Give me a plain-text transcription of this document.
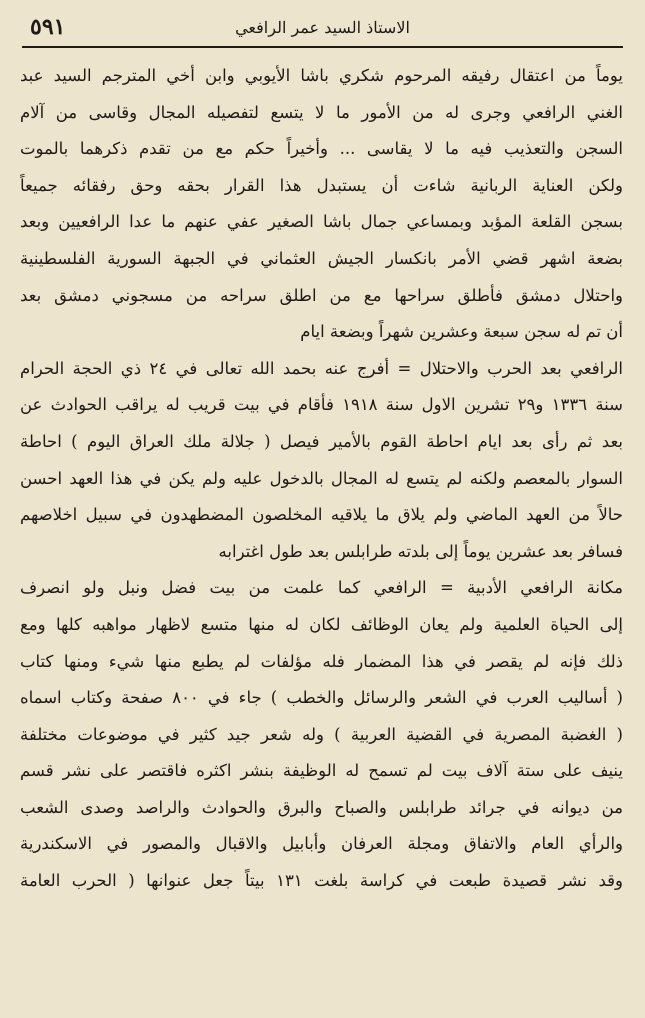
الاستاذ السيد عمر الرافعي
٥٩١
يوماً من اعتقال رفيقه المرحوم شكري باشا الأيوبي وابن أخي المترجم السيد عبد
الغني الرافعي وجرى له من الأمور ما لا يتسع لتفصيله المجال وقاسى من آلام
السجن والتعذيب فيه ما لا يقاسى ... وأخيراً حكم مع من تقدم ذكرهما بالموت
ولكن العناية الربانية شاءت أن يستبدل هذا القرار بحقه وحق رفقائه جميعاً
بسجن القلعة المؤبد وبمساعي جمال باشا الصغير عفي عنهم ما عدا الرافعيين وبعد
بضعة اشهر قضي الأمر بانكسار الجيش العثماني في الجبهة السورية الفلسطينية
واحتلال دمشق فأطلق سراحها مع من اطلق سراحه من مسجوني دمشق بعد
أن تم له سجن سبعة وعشرين شهراً وبضعة ايام
الرافعي بعد الحرب والاحتلال = أفرج عنه بحمد الله تعالى في ٢٤ ذي الحجة الحرام
سنة ١٣٣٦ و٢٩ تشرين الاول سنة ١٩١٨ فأقام في بيت قريب له يراقب الحوادث عن
بعد ثم رأى بعد ايام احاطة القوم بالأمير فيصل ( جلالة ملك العراق اليوم ) احاطة
السوار بالمعصم ولكنه لم يتسع له المجال بالدخول عليه ولم يكن في هذا العهد احسن
حالاً من العهد الماضي ولم يلاق ما يلاقيه المخلصون المضطهدون في سبيل اخلاصهم
فسافر بعد عشرين يوماً إلى بلدته طرابلس بعد طول اغترابه
مكانة الرافعي الأدبية = الرافعي كما علمت من بيت فضل ونبل ولو انصرف
إلى الحياة العلمية ولم يعان الوظائف لكان له منها متسع لاظهار مواهبه كلها ومع
ذلك فإنه لم يقصر في هذا المضمار فله مؤلفات لم يطبع منها شيء ومنها كتاب
( أساليب العرب في الشعر والرسائل والخطب ) جاء في ٨٠٠ صفحة وكتاب اسماه
( الغضبة المصرية في القضية العربية ) وله شعر جيد كثير في موضوعات مختلفة
ينيف على ستة آلاف بيت لم تسمح له الوظيفة بنشر اكثره فاقتصر على نشر قسم
من ديوانه في جرائد طرابلس والصباح والبرق والحوادث والراصد وصدى الشعب
والرأي العام والاتفاق ومجلة العرفان وأبابيل والاقبال والمصور في الاسكندرية
وقد نشر قصيدة طبعت في كراسة بلغت ١٣١ بيتاً جعل عنوانها ( الحرب العامة
